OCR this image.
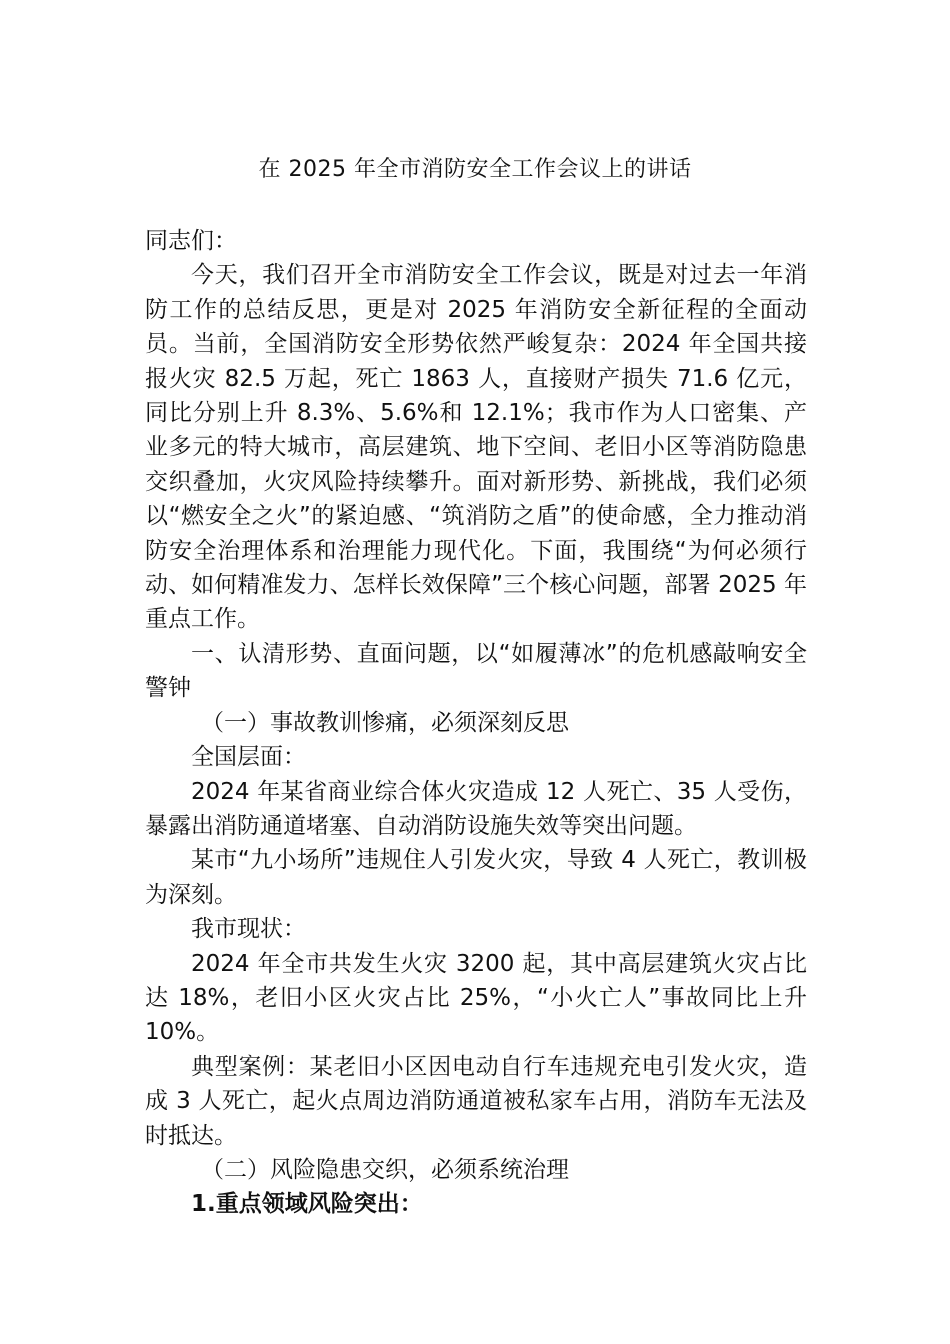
在 2025 年全市消防安全工作会议上的讲话

同志们：

今天，我们召开全市消防安全工作会议，既是对过去一年消防工作的总结反思，更是对 2025 年消防安全新征程的全面动员。当前，全国消防安全形势依然严峻复杂：2024 年全国共接报火灾 82.5 万起，死亡 1863 人，直接财产损失 71.6 亿元，同比分别上升 8.3%、5.6%和 12.1%；我市作为人口密集、产业多元的特大城市，高层建筑、地下空间、老旧小区等消防隐患交织叠加，火灾风险持续攀升。面对新形势、新挑战，我们必须以“燃安全之火”的紧迫感、“筑消防之盾”的使命感，全力推动消防安全治理体系和治理能力现代化。下面，我围绕“为何必须行动、如何精准发力、怎样长效保障”三个核心问题，部署 2025 年重点工作。

一、认清形势、直面问题，以“如履薄冰”的危机感敲响安全警钟

（一）事故教训惨痛，必须深刻反思

全国层面：

2024 年某省商业综合体火灾造成 12 人死亡、35 人受伤，暴露出消防通道堵塞、自动消防设施失效等突出问题。

某市“九小场所”违规住人引发火灾，导致 4 人死亡，教训极为深刻。

我市现状：

2024 年全市共发生火灾 3200 起，其中高层建筑火灾占比达 18%，老旧小区火灾占比 25%，“小火亡人”事故同比上升 10%。

典型案例：某老旧小区因电动自行车违规充电引发火灾，造成 3 人死亡，起火点周边消防通道被私家车占用，消防车无法及时抵达。

（二）风险隐患交织，必须系统治理

1.重点领域风险突出：
